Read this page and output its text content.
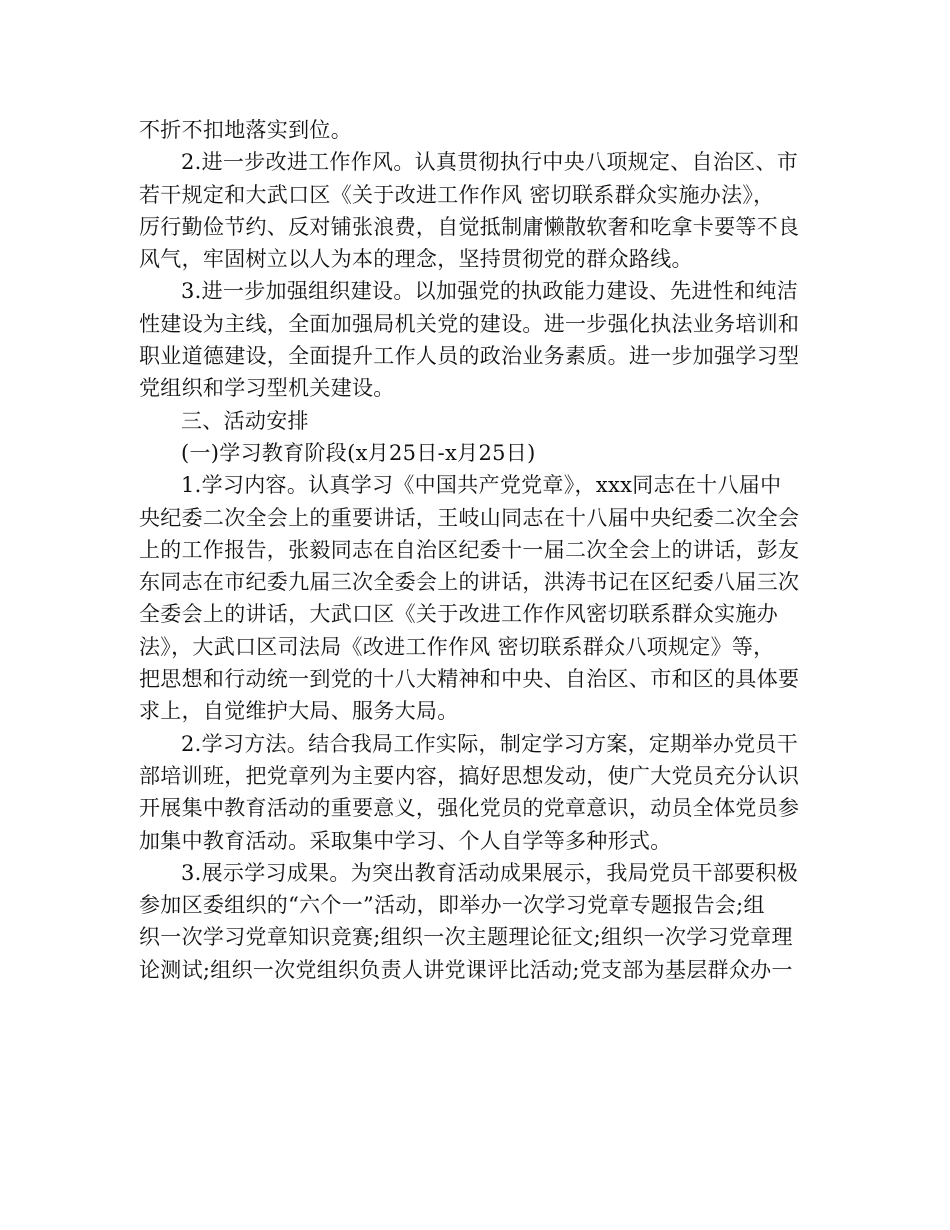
不折不扣地落实到位。
2.进一步改进工作作风。认真贯彻执行中央八项规定、自治区、市
若干规定和大武口区《关于改进工作作风 密切联系群众实施办法》，
厉行勤俭节约、反对铺张浪费，自觉抵制庸懒散软奢和吃拿卡要等不良
风气，牢固树立以人为本的理念，坚持贯彻党的群众路线。
3.进一步加强组织建设。以加强党的执政能力建设、先进性和纯洁
性建设为主线，全面加强局机关党的建设。进一步强化执法业务培训和
职业道德建设，全面提升工作人员的政治业务素质。进一步加强学习型
党组织和学习型机关建设。
三、活动安排
(一)学习教育阶段(x月25日-x月25日)
1.学习内容。认真学习《中国共产党党章》，xxx同志在十八届中
央纪委二次全会上的重要讲话，王岐山同志在十八届中央纪委二次全会
上的工作报告，张毅同志在自治区纪委十一届二次全会上的讲话，彭友
东同志在市纪委九届三次全委会上的讲话，洪涛书记在区纪委八届三次
全委会上的讲话，大武口区《关于改进工作作风密切联系群众实施办
法》，大武口区司法局《改进工作作风 密切联系群众八项规定》等，
把思想和行动统一到党的十八大精神和中央、自治区、市和区的具体要
求上，自觉维护大局、服务大局。
2.学习方法。结合我局工作实际，制定学习方案，定期举办党员干
部培训班，把党章列为主要内容，搞好思想发动，使广大党员充分认识
开展集中教育活动的重要意义，强化党员的党章意识，动员全体党员参
加集中教育活动。采取集中学习、个人自学等多种形式。
3.展示学习成果。为突出教育活动成果展示，我局党员干部要积极
参加区委组织的“六个一”活动，即举办一次学习党章专题报告会;组
织一次学习党章知识竞赛;组织一次主题理论征文;组织一次学习党章理
论测试;组织一次党组织负责人讲党课评比活动;党支部为基层群众办一
